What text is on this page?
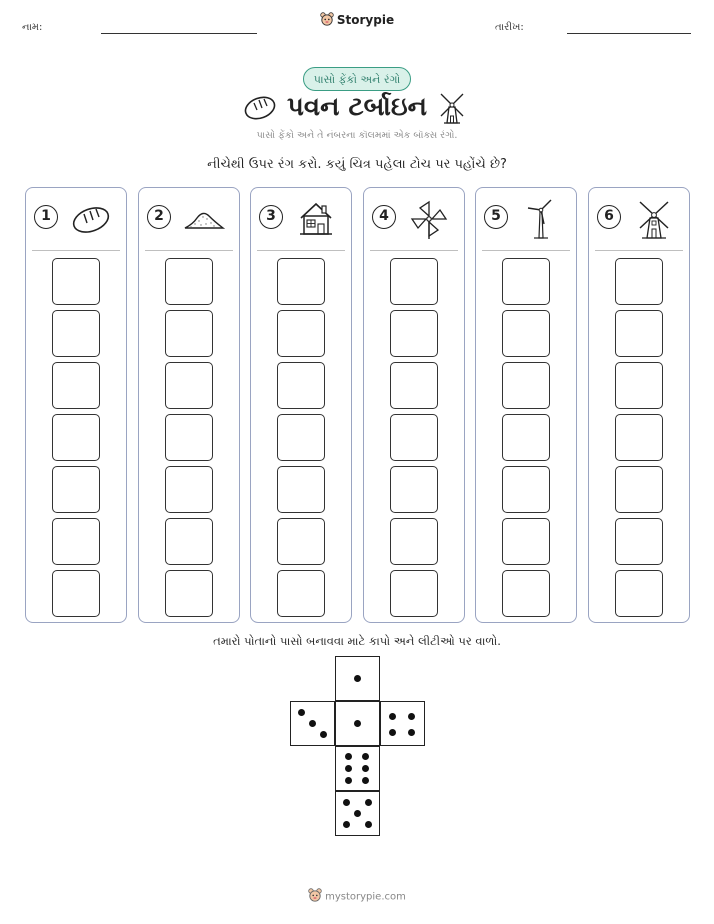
નામ:
Storypie
તારીખ:
પાસો ફેંકો અને રંગો
પવન ટર્બાઇન
પાસો ફેંકો અને તે નંબરના કૉલમમાં એક બૉક્સ રંગો.
નીચેથી ઉપર રંગ કરો. કયું ચિત્ર પહેલા ટોચ પર પહોંચે છે?
1	2	3	4	5	6
તમારો પોતાનો પાસો બનાવવા માટે કાપો અને લીટીઓ પર વાળો.
mystorypie.com
